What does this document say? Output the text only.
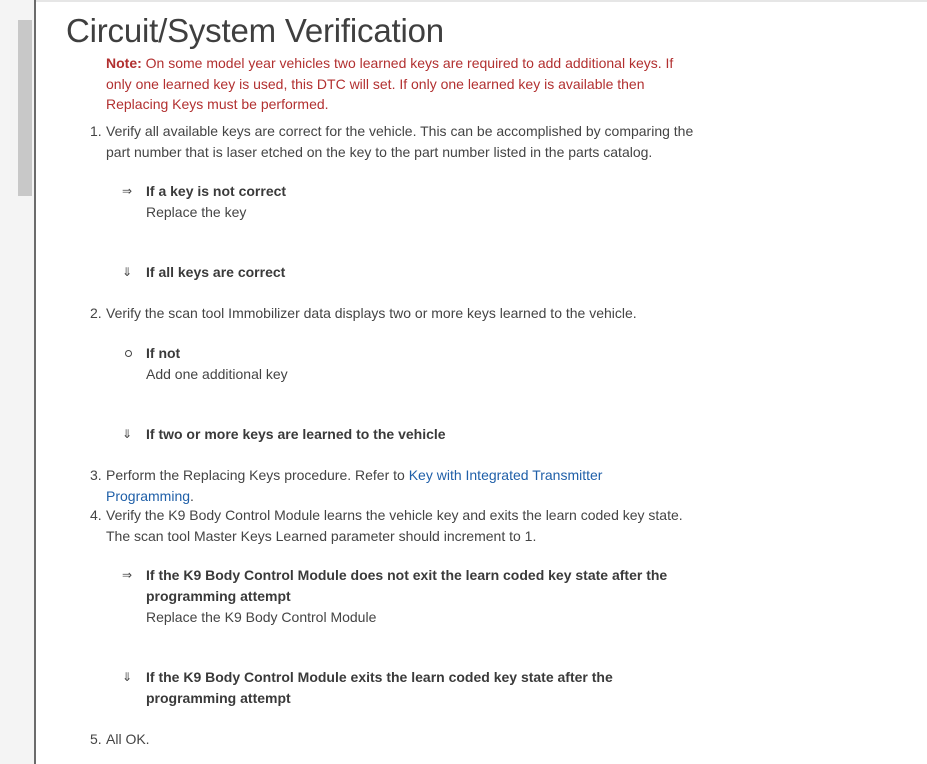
Circuit/System Verification

Note: On some model year vehicles two learned keys are required to add additional keys. If only one learned key is used, this DTC will set. If only one learned key is available then Replacing Keys must be performed.

1. Verify all available keys are correct for the vehicle. This can be accomplished by comparing the part number that is laser etched on the key to the part number listed in the parts catalog.
⇒ If a key is not correct
Replace the key
⇓ If all keys are correct
2. Verify the scan tool Immobilizer data displays two or more keys learned to the vehicle.
If not
Add one additional key
⇓ If two or more keys are learned to the vehicle
3. Perform the Replacing Keys procedure. Refer to Key with Integrated Transmitter Programming.
4. Verify the K9 Body Control Module learns the vehicle key and exits the learn coded key state. The scan tool Master Keys Learned parameter should increment to 1.
⇒ If the K9 Body Control Module does not exit the learn coded key state after the programming attempt
Replace the K9 Body Control Module
⇓ If the K9 Body Control Module exits the learn coded key state after the programming attempt
5. All OK.
